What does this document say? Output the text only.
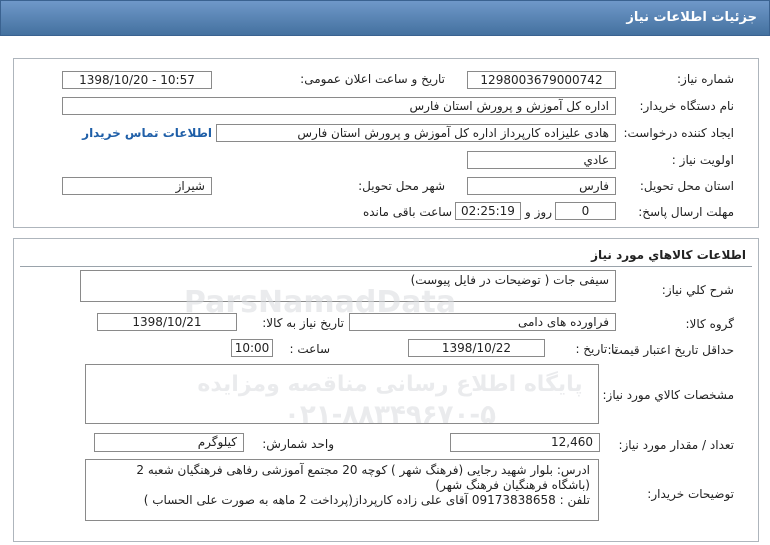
جزئیات اطلاعات نیاز
شماره نیاز:
1298003679000742
تاریخ و ساعت اعلان عمومی:
1398/10/20 - 10:57
نام دستگاه خریدار:
اداره کل آموزش و پرورش استان فارس
ایجاد کننده درخواست:
هادی علیزاده کارپرداز اداره کل آموزش و پرورش استان فارس
اطلاعات تماس خریدار
اولویت نیاز :
عادي
استان محل تحویل:
فارس
شهر محل تحویل:
شیراز
مهلت ارسال پاسخ:
0
روز و
02:25:19
ساعت باقی مانده
اطلاعات کالاهاي مورد نياز
شرح کلي نياز:
سیفی جات ( توضیحات در فایل پیوست)
گروه کالا:
فراورده های دامی
تاریخ نیاز به کالا:
1398/10/21
حداقل تاریخ اعتبار قیمت:
تا تاریخ :
1398/10/22
ساعت :
10:00
مشخصات کالاي مورد نياز:
تعداد / مقدار مورد نیاز:
12,460
واحد شمارش:
کیلوگرم
توضیحات خریدار:
ادرس: بلوار شهید رجایی (فرهنگ شهر ) کوچه 20 مجتمع آموزشی رفاهی فرهنگیان شعبه 2
(باشگاه فرهنگیان فرهنگ شهر)
تلفن : 09173838658 آقای علی زاده کارپرداز(پرداخت 2 ماهه به صورت علی الحساب )
ParsNamadData
پایگاه اطلاع رسانی مناقصه ومزایده
۰۲۱-۸۸۳۴۹۶۷۰-۵
